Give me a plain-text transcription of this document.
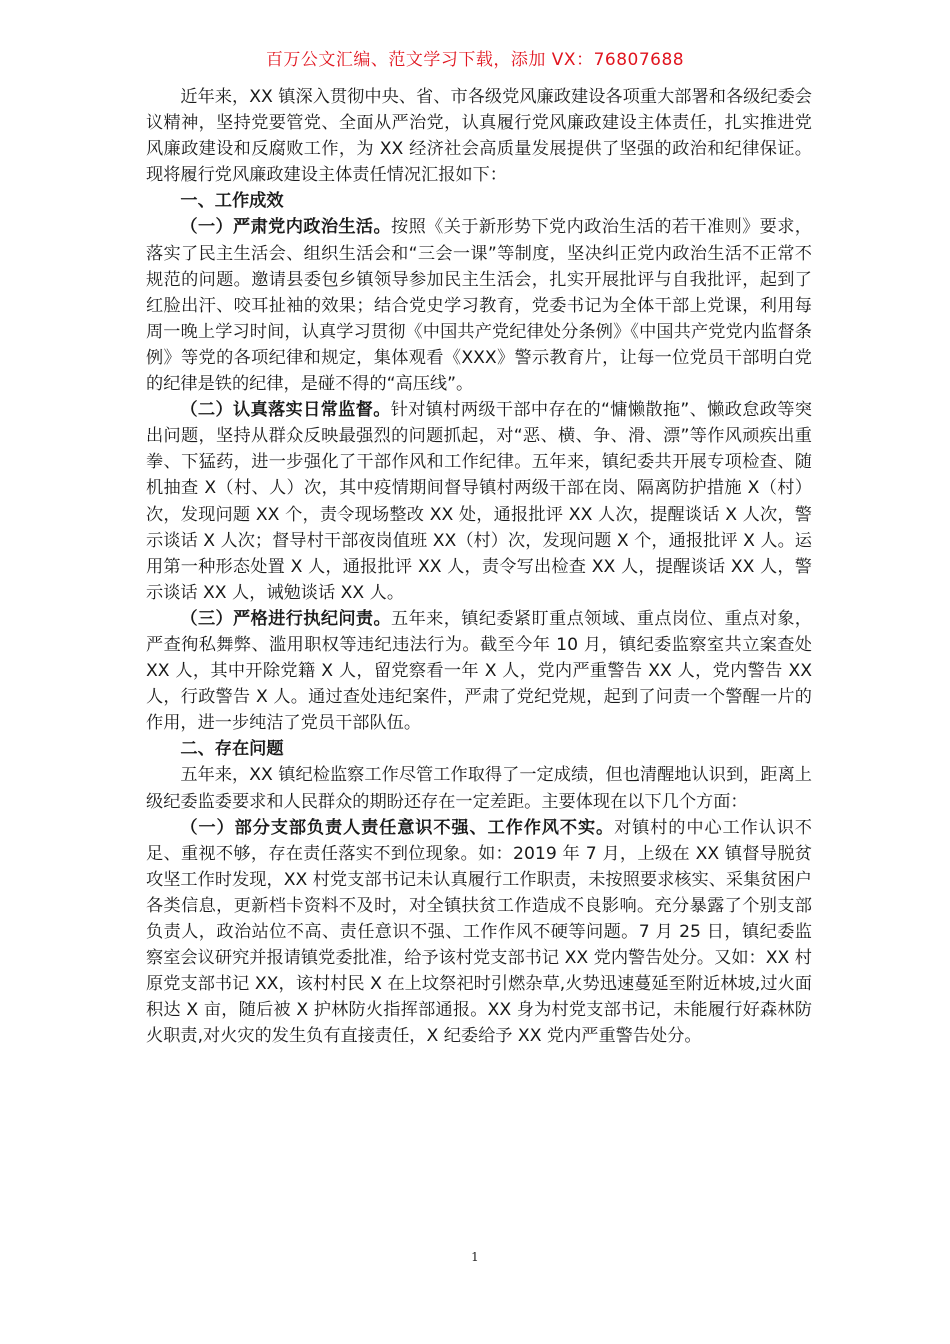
百万公文汇编、范文学习下载，添加 VX：76807688

近年来，XX 镇深入贯彻中央、省、市各级党风廉政建设各项重大部署和各级纪委会议精神，坚持党要管党、全面从严治党，认真履行党风廉政建设主体责任，扎实推进党风廉政建设和反腐败工作，为 XX 经济社会高质量发展提供了坚强的政治和纪律保证。现将履行党风廉政建设主体责任情况汇报如下：

一、工作成效

（一）严肃党内政治生活。按照《关于新形势下党内政治生活的若干准则》要求，落实了民主生活会、组织生活会和“三会一课”等制度，坚决纠正党内政治生活不正常不规范的问题。邀请县委包乡镇领导参加民主生活会，扎实开展批评与自我批评，起到了红脸出汗、咬耳扯袖的效果；结合党史学习教育，党委书记为全体干部上党课，利用每周一晚上学习时间，认真学习贯彻《中国共产党纪律处分条例》《中国共产党党内监督条例》等党的各项纪律和规定，集体观看《XXX》警示教育片，让每一位党员干部明白党的纪律是铁的纪律，是碰不得的“高压线”。

（二）认真落实日常监督。针对镇村两级干部中存在的“慵懒散拖”、懒政怠政等突出问题，坚持从群众反映最强烈的问题抓起，对“恶、横、争、滑、漂”等作风顽疾出重拳、下猛药，进一步强化了干部作风和工作纪律。五年来，镇纪委共开展专项检查、随机抽查 X（村、人）次，其中疫情期间督导镇村两级干部在岗、隔离防护措施 X（村）次，发现问题 XX 个，责令现场整改 XX 处，通报批评 XX 人次，提醒谈话 X 人次，警示谈话 X 人次；督导村干部夜岗值班 XX（村）次，发现问题 X 个，通报批评 X 人。运用第一种形态处置 X 人，通报批评 XX 人，责令写出检查 XX 人，提醒谈话 XX 人，警示谈话 XX 人，诫勉谈话 XX 人。

（三）严格进行执纪问责。五年来，镇纪委紧盯重点领域、重点岗位、重点对象，严查徇私舞弊、滥用职权等违纪违法行为。截至今年 10 月，镇纪委监察室共立案查处 XX 人，其中开除党籍 X 人，留党察看一年 X 人，党内严重警告 XX 人，党内警告 XX 人，行政警告 X 人。通过查处违纪案件，严肃了党纪党规，起到了问责一个警醒一片的作用，进一步纯洁了党员干部队伍。

二、存在问题

五年来，XX 镇纪检监察工作尽管工作取得了一定成绩，但也清醒地认识到，距离上级纪委监委要求和人民群众的期盼还存在一定差距。主要体现在以下几个方面：

（一）部分支部负责人责任意识不强、工作作风不实。对镇村的中心工作认识不足、重视不够，存在责任落实不到位现象。如：2019 年 7 月，上级在 XX 镇督导脱贫攻坚工作时发现，XX 村党支部书记未认真履行工作职责，未按照要求核实、采集贫困户各类信息，更新档卡资料不及时，对全镇扶贫工作造成不良影响。充分暴露了个别支部负责人，政治站位不高、责任意识不强、工作作风不硬等问题。7 月 25 日，镇纪委监察室会议研究并报请镇党委批准，给予该村党支部书记 XX 党内警告处分。又如：XX 村原党支部书记 XX，该村村民 X 在上坟祭祀时引燃杂草,火势迅速蔓延至附近林坡,过火面积达 X 亩，随后被 X 护林防火指挥部通报。XX 身为村党支部书记，未能履行好森林防火职责,对火灾的发生负有直接责任，X 纪委给予 XX 党内严重警告处分。

1
